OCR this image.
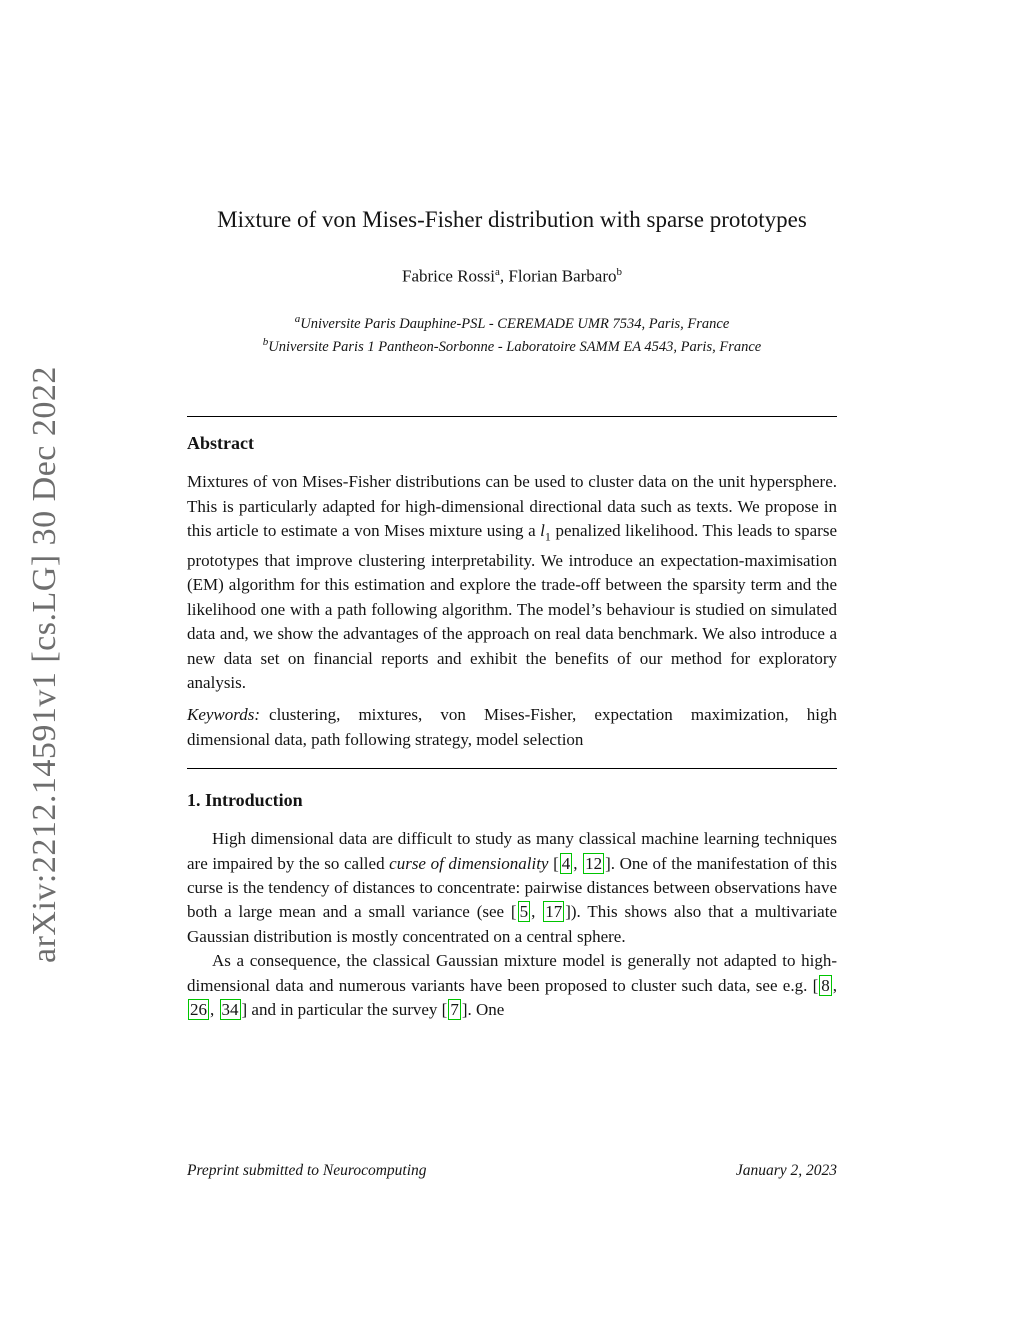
arXiv:2212.14591v1 [cs.LG] 30 Dec 2022
Mixture of von Mises-Fisher distribution with sparse prototypes
Fabrice Rossi$^a$, Florian Barbaro$^b$
$^a$Universite Paris Dauphine-PSL - CEREMADE UMR 7534, Paris, France
$^b$Universite Paris 1 Pantheon-Sorbonne - Laboratoire SAMM EA 4543, Paris, France
Abstract

Mixtures of von Mises-Fisher distributions can be used to cluster data on the unit hypersphere. This is particularly adapted for high-dimensional directional data such as texts. We propose in this article to estimate a von Mises mixture using a $l_1$ penalized likelihood. This leads to sparse prototypes that improve clustering interpretability. We introduce an expectation-maximisation (EM) algorithm for this estimation and explore the trade-off between the sparsity term and the likelihood one with a path following algorithm. The model’s behaviour is studied on simulated data and, we show the advantages of the approach on real data benchmark. We also introduce a new data set on financial reports and exhibit the benefits of our method for exploratory analysis.

Keywords: clustering, mixtures, von Mises-Fisher, expectation maximization, high dimensional data, path following strategy, model selection

1. Introduction

High dimensional data are difficult to study as many classical machine learning techniques are impaired by the so called curse of dimensionality [ 4 , 12 ]. One of the manifestation of this curse is the tendency of distances to concentrate: pairwise distances between observations have both a large mean and a small variance (see [ 5 , 17 ]). This shows also that a multivariate Gaussian distribution is mostly concentrated on a central sphere.

As a consequence, the classical Gaussian mixture model is generally not adapted to high-dimensional data and numerous variants have been proposed to cluster such data, see e.g. [ 8 , 26 , 34 ] and in particular the survey [ 7 ]. One

Preprint submitted to Neurocomputing	January 2, 2023
